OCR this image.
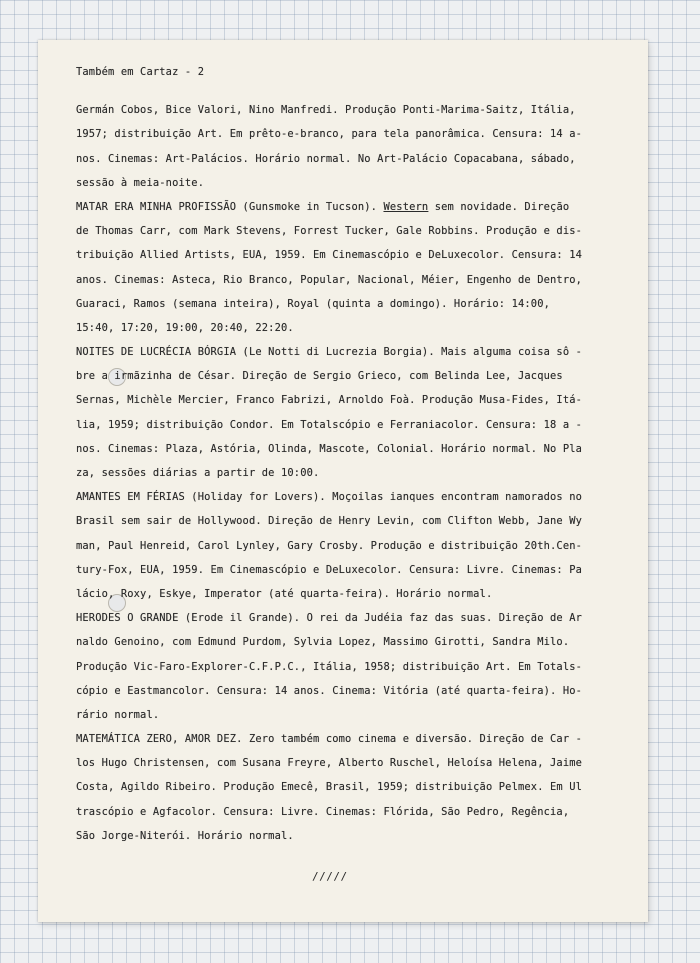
Também em Cartaz - 2
Germán Cobos, Bice Valori, Nino Manfredi. Produção Ponti-Marima-Saitz, Itália,
1957; distribuição Art. Em prêto-e-branco, para tela panorâmica. Censura: 14 a-
nos. Cinemas: Art-Palácios. Horário normal. No Art-Palácio Copacabana, sábado,
sessão à meia-noite.
MATAR ERA MINHA PROFISSÃO (Gunsmoke in Tucson). Western sem novidade. Direção
de Thomas Carr, com Mark Stevens, Forrest Tucker, Gale Robbins. Produção e dis-
tribuição Allied Artists, EUA, 1959. Em Cinemascópio e DeLuxecolor. Censura: 14
anos. Cinemas: Asteca, Rio Branco, Popular, Nacional, Méier, Engenho de Dentro,
Guaraci, Ramos (semana inteira), Royal (quinta a domingo). Horário: 14:00,
15:40, 17:20, 19:00, 20:40, 22:20.
NOITES DE LUCRÉCIA BÓRGIA (Le Notti di Lucrezia Borgia). Mais alguma coisa sô -
bre a irmãzinha de César. Direção de Sergio Grieco, com Belinda Lee, Jacques
Sernas, Michèle Mercier, Franco Fabrizi, Arnoldo Foà. Produção Musa-Fides, Itá-
lia, 1959; distribuição Condor. Em Totalscópio e Ferraniacolor. Censura: 18 a -
nos. Cinemas: Plaza, Astória, Olinda, Mascote, Colonial. Horário normal. No Pla
za, sessões diárias a partir de 10:00.
AMANTES EM FÉRIAS (Holiday for Lovers). Moçoilas ianques encontram namorados no
Brasil sem sair de Hollywood. Direção de Henry Levin, com Clifton Webb, Jane Wy
man, Paul Henreid, Carol Lynley, Gary Crosby. Produção e distribuição 20th.Cen-
tury-Fox, EUA, 1959. Em Cinemascópio e DeLuxecolor. Censura: Livre. Cinemas: Pa
lácio, Roxy, Eskye, Imperator (até quarta-feira). Horário normal.
HERODES O GRANDE (Erode il Grande). O rei da Judéia faz das suas. Direção de Ar
naldo Genoino, com Edmund Purdom, Sylvia Lopez, Massimo Girotti, Sandra Milo.
Produção Vic-Faro-Explorer-C.F.P.C., Itália, 1958; distribuição Art. Em Totals-
cópio e Eastmancolor. Censura: 14 anos. Cinema: Vitória (até quarta-feira). Ho-
rário normal.
MATEMÁTICA ZERO, AMOR DEZ. Zero também como cinema e diversão. Direção de Car -
los Hugo Christensen, com Susana Freyre, Alberto Ruschel, Heloísa Helena, Jaime
Costa, Agildo Ribeiro. Produção Emecê, Brasil, 1959; distribuição Pelmex. Em Ul
trascópio e Agfacolor. Censura: Livre. Cinemas: Flórida, São Pedro, Regência,
São Jorge-Niterói. Horário normal.
/////
